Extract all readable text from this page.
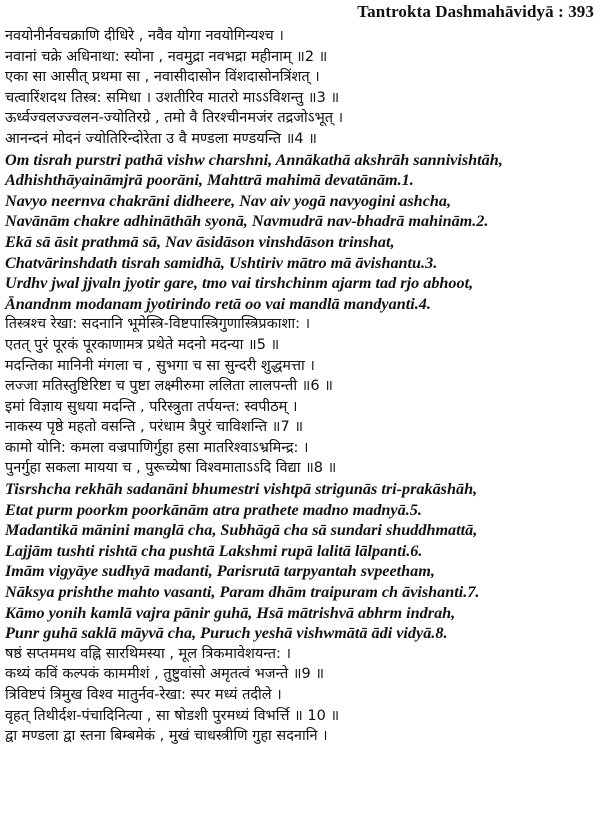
Tantrokta Dashmahāvidyā : 393
नवयोनीर्नवचक्राणि दीधिरे , नवैव योगा नवयोगिन्यश्च ।
नवानां चक्रे अधिनाथा: स्योना , नवमुद्रा नवभद्रा महीनाम् ॥2 ॥
एका सा आसीत् प्रथमा सा , नवासीदासोन विंशदासोनत्रिंशत् ।
चत्वारिंशदथ तिस्त्र: समिधा । उशतीरिव मातरो माऽऽविशन्तु ॥3 ॥
ऊर्ध्वज्वलज्ज्वलन-ज्योतिरग्रे , तमो वै तिरश्चीनमजंर तद्रजोऽभूत् ।
आनन्दनं मोदनं ज्योतिरिन्दोरेता उ वै मण्डला मण्डयन्ति ॥4 ॥
Om tisrah purstri pathā vishw charshni, Annākathā akshrāh sannivishtāh,
Adhishthāyaināmjrā poorāni, Mahttrā mahimā devatānām.1.
Navyo neernva chakrāni didheere, Nav aiv yogā navyogini ashcha,
Navānām chakre adhināthāh syonā, Navmudrā nav-bhadrā mahinām.2.
Ekā sā āsit prathmā sā, Nav āsidāson vinshdāson trinshat,
Chatvārinshdath tisrah samidhā, Ushtiriv mātro mā āvishantu.3.
Urdhv jwal jjvaln jyotir gare, tmo vai tirshchinm ajarm tad rjo abhoot,
Ānandnm modanam jyotirindo retā oo vai mandlā mandyanti.4.
तिस्त्रश्च रेखा: सदनानि भूमेस्त्रि-विष्टपास्त्रिगुणास्त्रिप्रकाशा: ।
एतत् पुरं पूरकं पूरकाणामत्र प्रथेते मदनो मदन्या ॥5 ॥
मदन्तिका मानिनी मंगला च , सुभगा च सा सुन्दरी शुद्धमत्ता ।
लज्जा मतिस्तुष्टिरिष्टा च पुष्टा लक्ष्मीरुमा ललिता लालपन्ती ॥6 ॥
इमां विज्ञाय सुधया मदन्ति , परिस्त्रुता तर्पयन्त: स्वपीठम् ।
नाकस्य पृष्ठे महतो वसन्ति , परंधाम त्रैपुरं चाविशन्ति ॥7 ॥
कामो योनि: कमला वज्रपाणिर्गुहा हसा मातरिश्वाऽभ्रमिन्द्र: ।
पुनर्गुहा सकला मायया च , पुरूच्येषा विश्वमाताऽऽदि विद्या ॥8 ॥
Tisrshcha rekhāh sadanāni bhumestri vishtpā strigunās tri-prakāshāh,
Etat purm poorkm poorkānām atra prathete madno madnyā.5.
Madantikā mānini manglā cha, Subhāgā cha sā sundari shuddhmattā,
Lajjām tushti rishtā cha pushtā Lakshmi rupā lalitā lālpanti.6.
Imām vigyāye sudhyā madanti, Parisrutā tarpyantah svpeetham,
Nāksya prishthe mahto vasanti, Param dhām traipuram ch āvishanti.7.
Kāmo yonih kamlā vajra pānir guhā, Hsā mātrishvā abhrm indrah,
Punr guhā saklā māyvā cha, Puruch yeshā vishwmātā ādi vidyā.8.
षष्ठं सप्तममथ वह्नि सारथिमस्या , मूल त्रिकमावेशयन्त: ।
कथ्यं कविं कल्पकं काममीशं , तुष्टुवांसो अमृतत्वं भजन्ते ॥9 ॥
त्रिविष्टपं त्रिमुख विश्व मातुर्नव-रेखा: स्पर मध्यं तदीले ।
वृहत् तिथीर्दश-पंचादिनित्या , सा षोडशी पुरमध्यं विभर्त्ति ॥ 10 ॥
द्वा मण्डला द्वा स्तना बिम्बमेकं , मुखं चाधस्त्रीणि गुहा सदनानि ।
